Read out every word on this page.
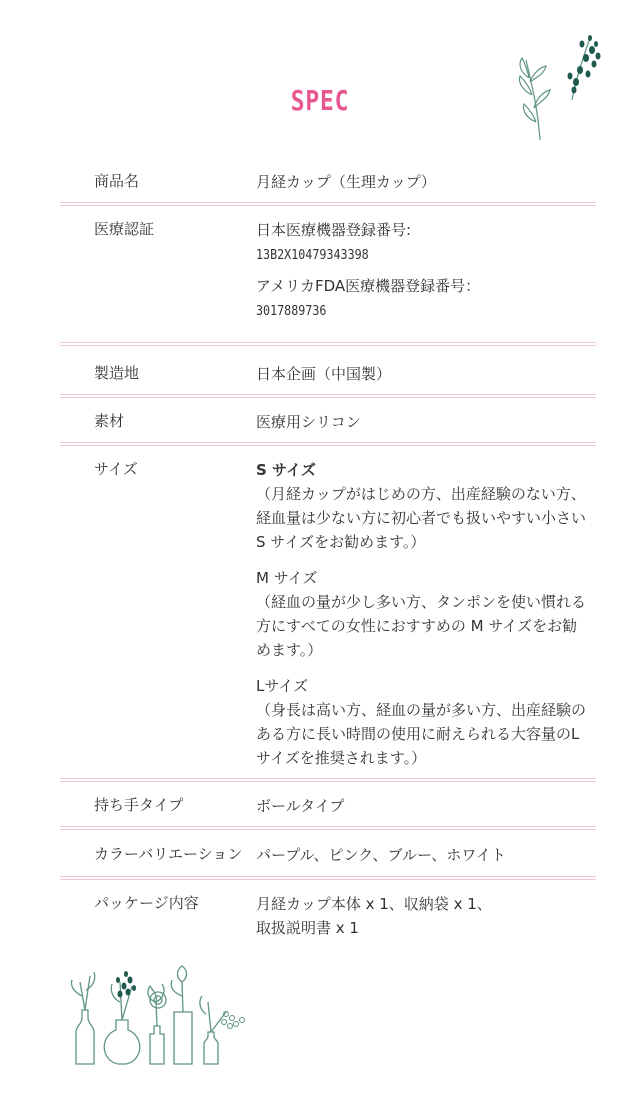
SPEC
商品名	月経カップ（生理カップ）
医療認証	日本医療機器登録番号:
13B2X10479343398
アメリカFDA医療機器登録番号：
3017889736
製造地	日本企画（中国製）
素材	医療用シリコン
サイズ	S サイズ
（月経カップがはじめの方、出産経験のない方、経血量は少ない方に初心者でも扱いやすい小さいS サイズをお勧めます。）
M サイズ
（経血の量が少し多い方、タンポンを使い慣れる方にすべての女性におすすめの M サイズをお勧めます。）
Lサイズ
（身長は高い方、経血の量が多い方、出産経験のある方に長い時間の使用に耐えられる大容量のLサイズを推奨されます。）
持ち手タイプ	ボールタイプ
カラーバリエーション パープル、ピンク、ブルー、ホワイト
パッケージ内容	月経カップ本体 x 1、収納袋 x 1、
取扱説明書 x 1
